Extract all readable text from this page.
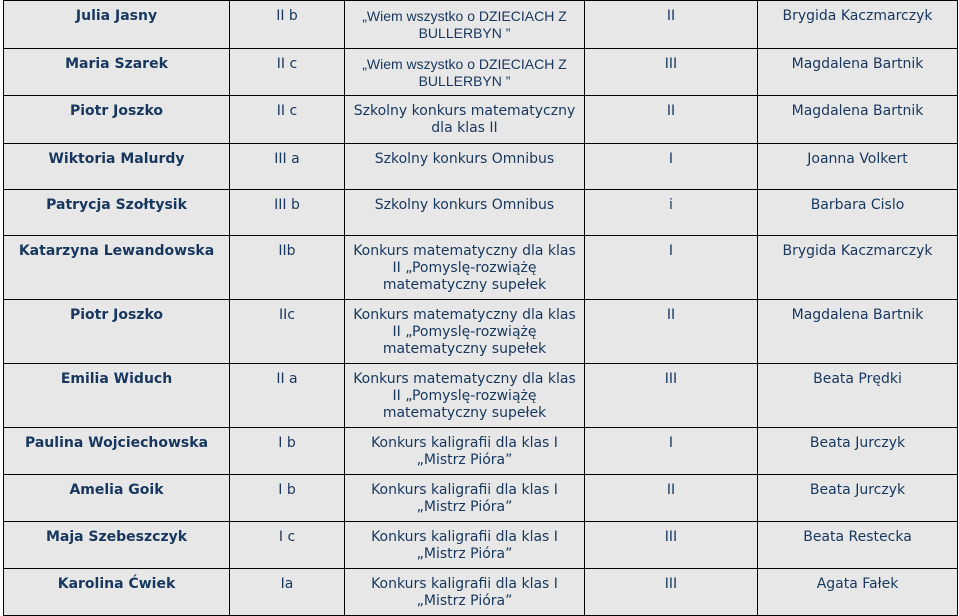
Julia Jasny	II b	„Wiem wszystko o DZIECIACH Z BULLERBYN ”	II	Brygida Kaczmarczyk
Maria Szarek	II c	„Wiem wszystko o DZIECIACH Z BULLERBYN ”	III	Magdalena Bartnik
Piotr Joszko	II c	Szkolny konkurs matematyczny dla klas II	II	Magdalena Bartnik
Wiktoria Malurdy	III a	Szkolny konkurs Omnibus	I	Joanna Volkert
Patrycja Szołtysik	III b	Szkolny konkurs Omnibus	i	Barbara Cislo
Katarzyna Lewandowska	IIb	Konkurs matematyczny dla klas II „Pomyslę-rozwiążę matematyczny supełek	I	Brygida Kaczmarczyk
Piotr Joszko	IIc	Konkurs matematyczny dla klas II „Pomyslę-rozwiążę matematyczny supełek	II	Magdalena Bartnik
Emilia Widuch	II a	Konkurs matematyczny dla klas II „Pomyslę-rozwiążę matematyczny supełek	III	Beata Prędki
Paulina Wojciechowska	I b	Konkurs kaligrafii dla klas I „Mistrz Pióra”	I	Beata Jurczyk
Amelia Goik	I b	Konkurs kaligrafii dla klas I „Mistrz Pióra”	II	Beata Jurczyk
Maja Szebeszczyk	I c	Konkurs kaligrafii dla klas I „Mistrz Pióra”	III	Beata Restecka
Karolina Ćwiek	Ia	Konkurs kaligrafii dla klas I „Mistrz Pióra”	III	Agata Fałek
